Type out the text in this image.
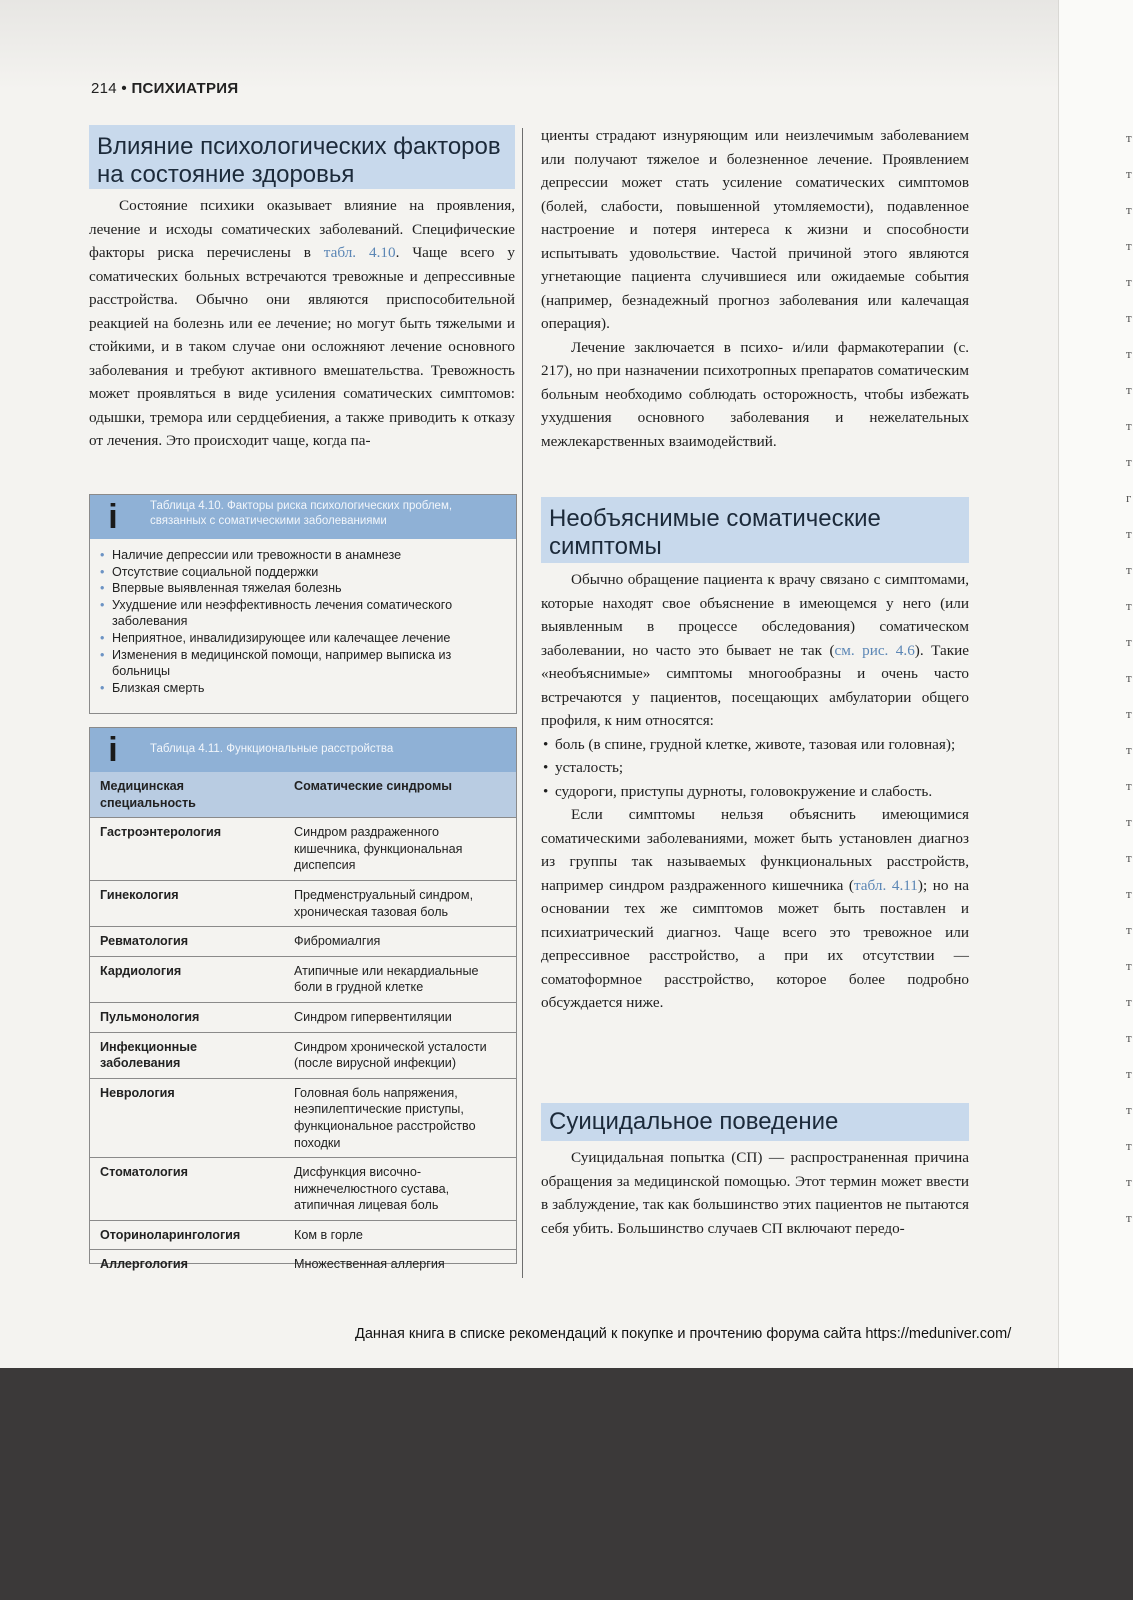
214 • ПСИХИАТРИЯ
Влияние психологических факторов
на состояние здоровья

Состояние психики оказывает влияние на проявления, лечение и исходы соматических заболеваний. Специфические факторы риска перечислены в табл. 4.10. Чаще всего у соматических больных встречаются тревожные и депрессивные расстройства. Обычно они являются приспособительной реакцией на болезнь или ее лечение; но могут быть тяжелыми и стойкими, и в таком случае они осложняют лечение основного заболевания и требуют активного вмешательства. Тревожность может проявляться в виде усиления соматических симптомов: одышки, тремора или сердцебиения, а также приводить к отказу от лечения. Это происходит чаще, когда па-

i	Таблица 4.10. Факторы риска психологических проблем, связанных с соматическими заболеваниями
• Наличие депрессии или тревожности в анамнезе
• Отсутствие социальной поддержки
• Впервые выявленная тяжелая болезнь
• Ухудшение или неэффективность лечения соматического заболевания
• Неприятное, инвалидизирующее или калечащее лечение
• Изменения в медицинской помощи, например выписка из больницы
• Близкая смерть
i	Таблица 4.11. Функциональные расстройства
Медицинская специальность	Соматические синдромы
Гастроэнтерология	Синдром раздраженного кишечника, функциональная диспепсия
Гинекология	Предменструальный синдром, хроническая тазовая боль
Ревматология	Фибромиалгия
Кардиология	Атипичные или некардиальные боли в грудной клетке
Пульмонология	Синдром гипервентиляции
Инфекционные заболевания	Синдром хронической усталости (после вирусной инфекции)
Неврология	Головная боль напряжения, неэпилептические приступы, функциональное расстройство походки
Стоматология	Дисфункция височно-нижнечелюстного сустава, атипичная лицевая боль
Оториноларингология	Ком в горле
Аллергология	Множественная аллергия

циенты страдают изнуряющим или неизлечимым заболеванием или получают тяжелое и болезненное лечение. Проявлением депрессии может стать усиление соматических симптомов (болей, слабости, повышенной утомляемости), подавленное настроение и потеря интереса к жизни и способности испытывать удовольствие. Частой причиной этого являются угнетающие пациента случившиеся или ожидаемые события (например, безнадежный прогноз заболевания или калечащая операция).

Лечение заключается в психо- и/или фармакотерапии (с. 217), но при назначении психотропных препаратов соматическим больным необходимо соблюдать осторожность, чтобы избежать ухудшения основного заболевания и нежелательных межлекарственных взаимодействий.

Необъяснимые соматические
симптомы

Обычно обращение пациента к врачу связано с симптомами, которые находят свое объяснение в имеющемся у него (или выявленным в процессе обследования) соматическом заболевании, но часто это бывает не так (см. рис. 4.6). Такие «необъяснимые» симптомы многообразны и очень часто встречаются у пациентов, посещающих амбулатории общего профиля, к ним относятся:

• боль (в спине, грудной клетке, животе, тазовая или головная);
• усталость;
• судороги, приступы дурноты, головокружение и слабость.

Если симптомы нельзя объяснить имеющимися соматическими заболеваниями, может быть установлен диагноз из группы так называемых функциональных расстройств, например синдром раздраженного кишечника (табл. 4.11); но на основании тех же симптомов может быть поставлен и психиатрический диагноз. Чаще всего это тревожное или депрессивное расстройство, а при их отсутствии — соматоформное расстройство, которое более подробно обсуждается ниже.

Суицидальное поведение

Суицидальная попытка (СП) — распространенная причина обращения за медицинской помощью. Этот термин может ввести в заблуждение, так как большинство этих пациентов не пытаются себя убить. Большинство случаев СП включают передо-

Данная книга в списке рекомендаций к покупке и прочтению форума сайта https://meduniver.com/
т
т
т
т
т
т
т
т
т
т
г
т
т
т
т
т
т
т
т
т
т
т
т
т
т
т
т
т
т
т
т
